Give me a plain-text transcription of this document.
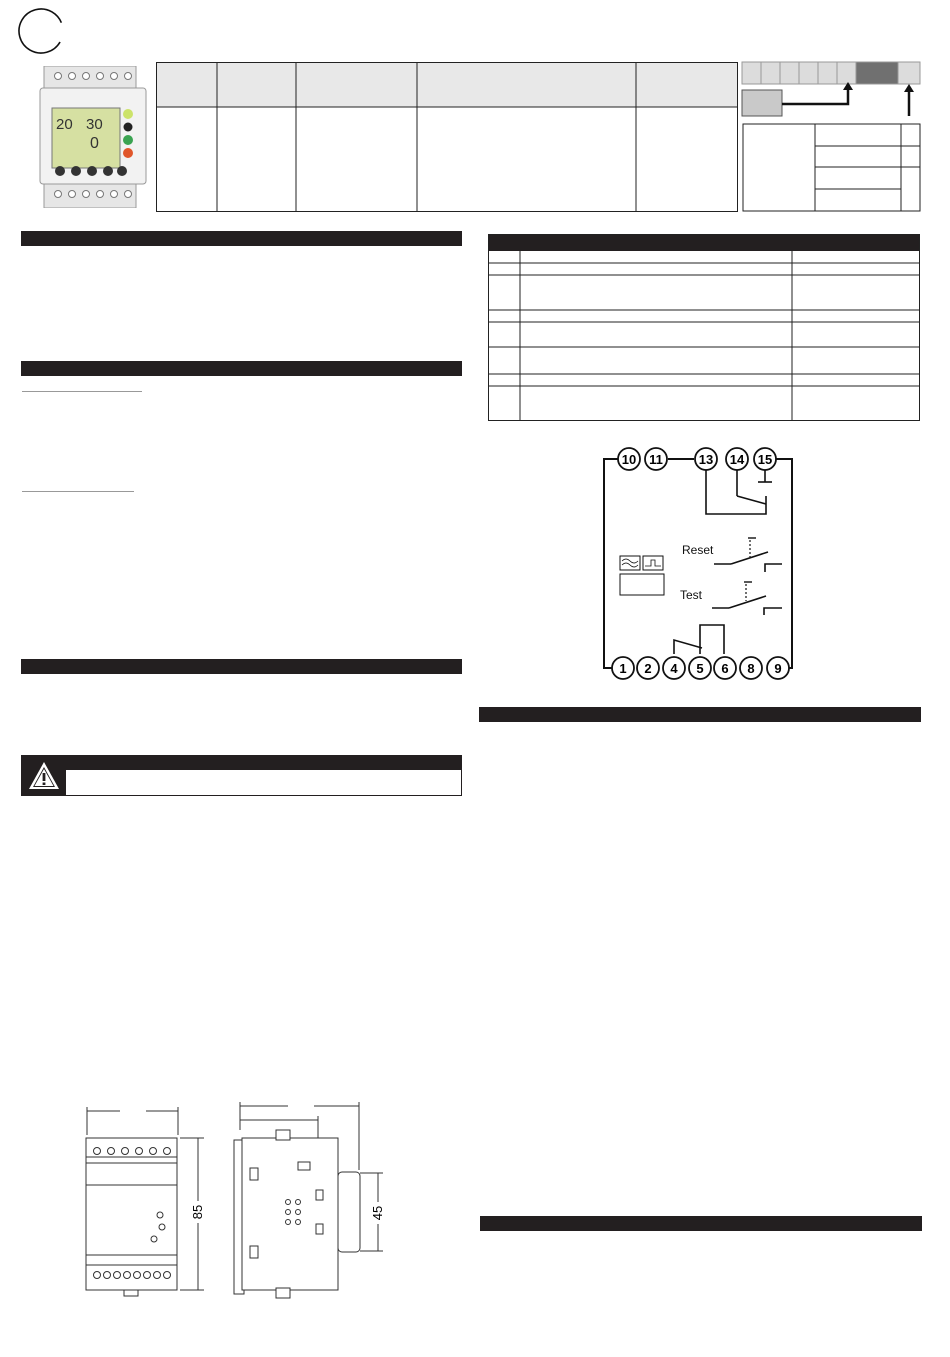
20 30
0
Reset
Test
10 11	13 14 15
1 2 4 5 6 8 9
85	45
